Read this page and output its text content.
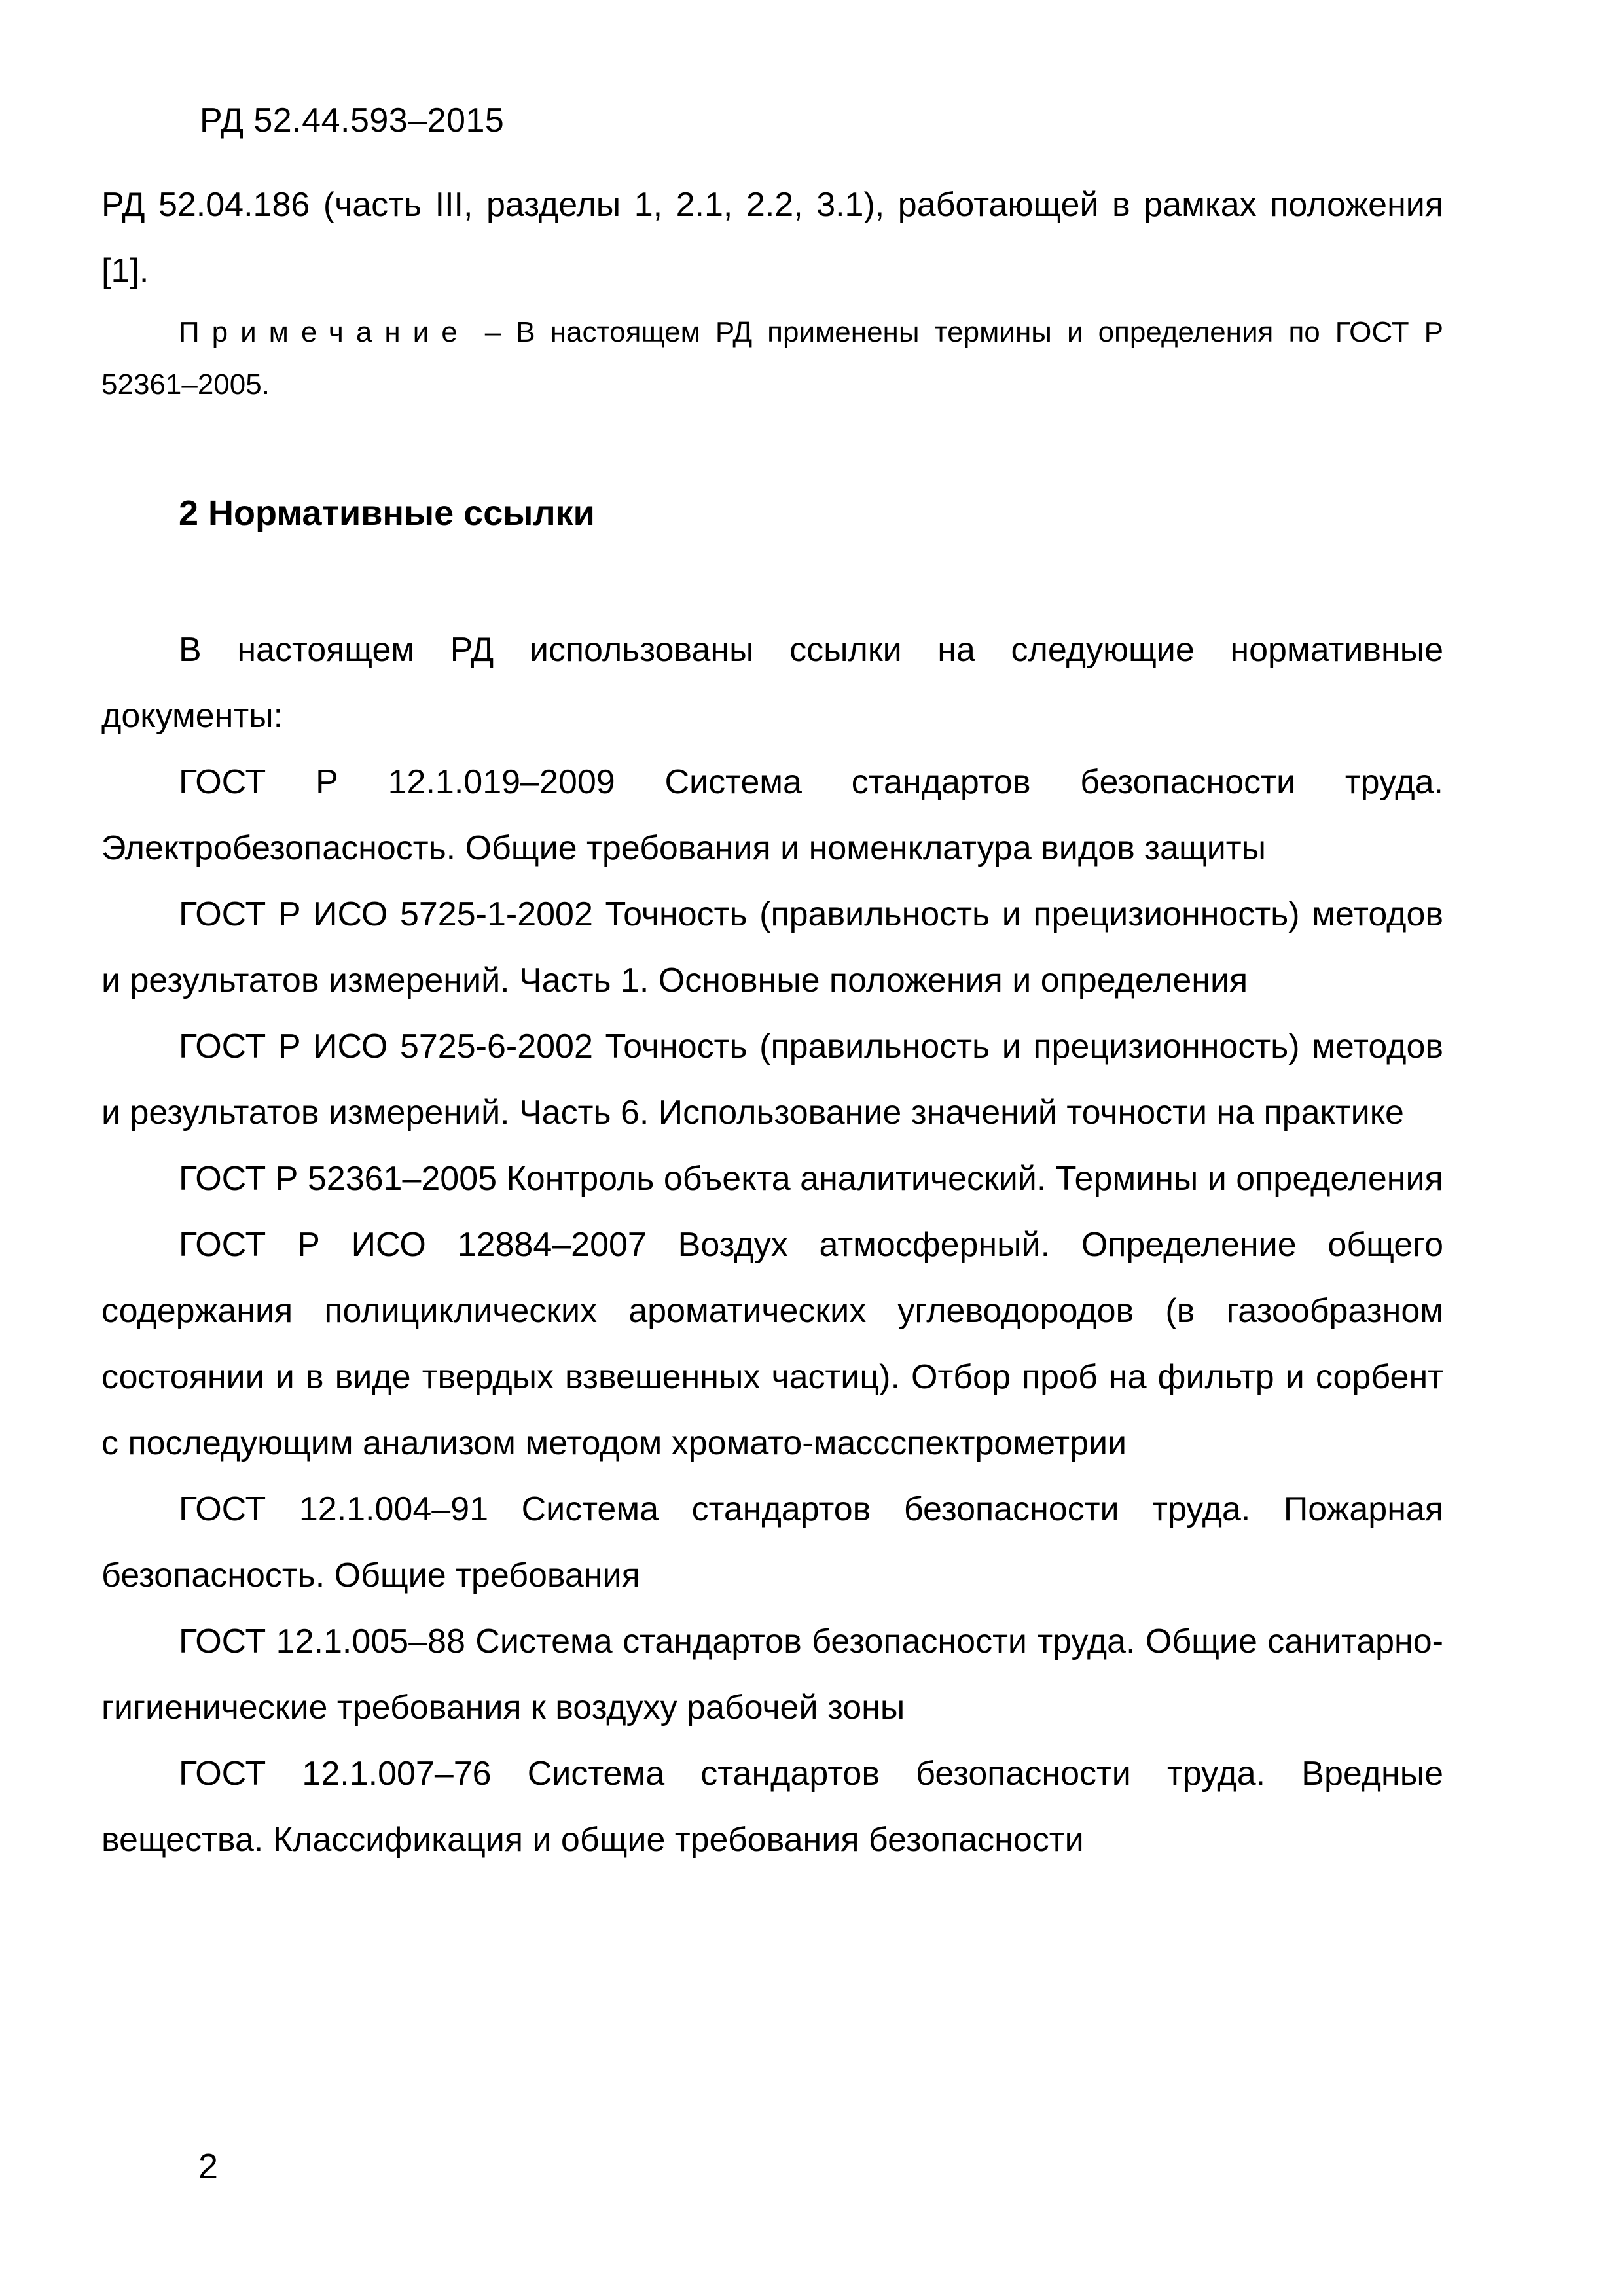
РД 52.44.593–2015

РД 52.04.186 (часть III, разделы 1, 2.1, 2.2, 3.1), работающей в рамках положения [1].

Примечание – В настоящем РД применены термины и определения по ГОСТ Р 52361–2005.

2 Нормативные ссылки

В настоящем РД использованы ссылки на следующие нормативные документы:

ГОСТ Р 12.1.019–2009 Система стандартов безопасности труда. Электробезопасность. Общие требования и номенклатура видов защиты

ГОСТ Р ИСО 5725-1-2002 Точность (правильность и прецизионность) методов и результатов измерений. Часть 1. Основные положения и определения

ГОСТ Р ИСО 5725-6-2002 Точность (правильность и прецизионность) методов и результатов измерений. Часть 6. Использование значений точности на практике

ГОСТ Р 52361–2005 Контроль объекта аналитический. Термины и определения

ГОСТ Р ИСО 12884–2007 Воздух атмосферный. Определение общего содержания полициклических ароматических углеводородов (в газообразном состоянии и в виде твердых взвешенных частиц). Отбор проб на фильтр и сорбент с последующим анализом методом хромато-массспектрометрии

ГОСТ 12.1.004–91 Система стандартов безопасности труда. Пожарная безопасность. Общие требования

ГОСТ 12.1.005–88 Система стандартов безопасности труда. Общие санитарно-гигиенические требования к воздуху рабочей зоны

ГОСТ 12.1.007–76 Система стандартов безопасности труда. Вредные вещества. Классификация и общие требования безопасности

2
